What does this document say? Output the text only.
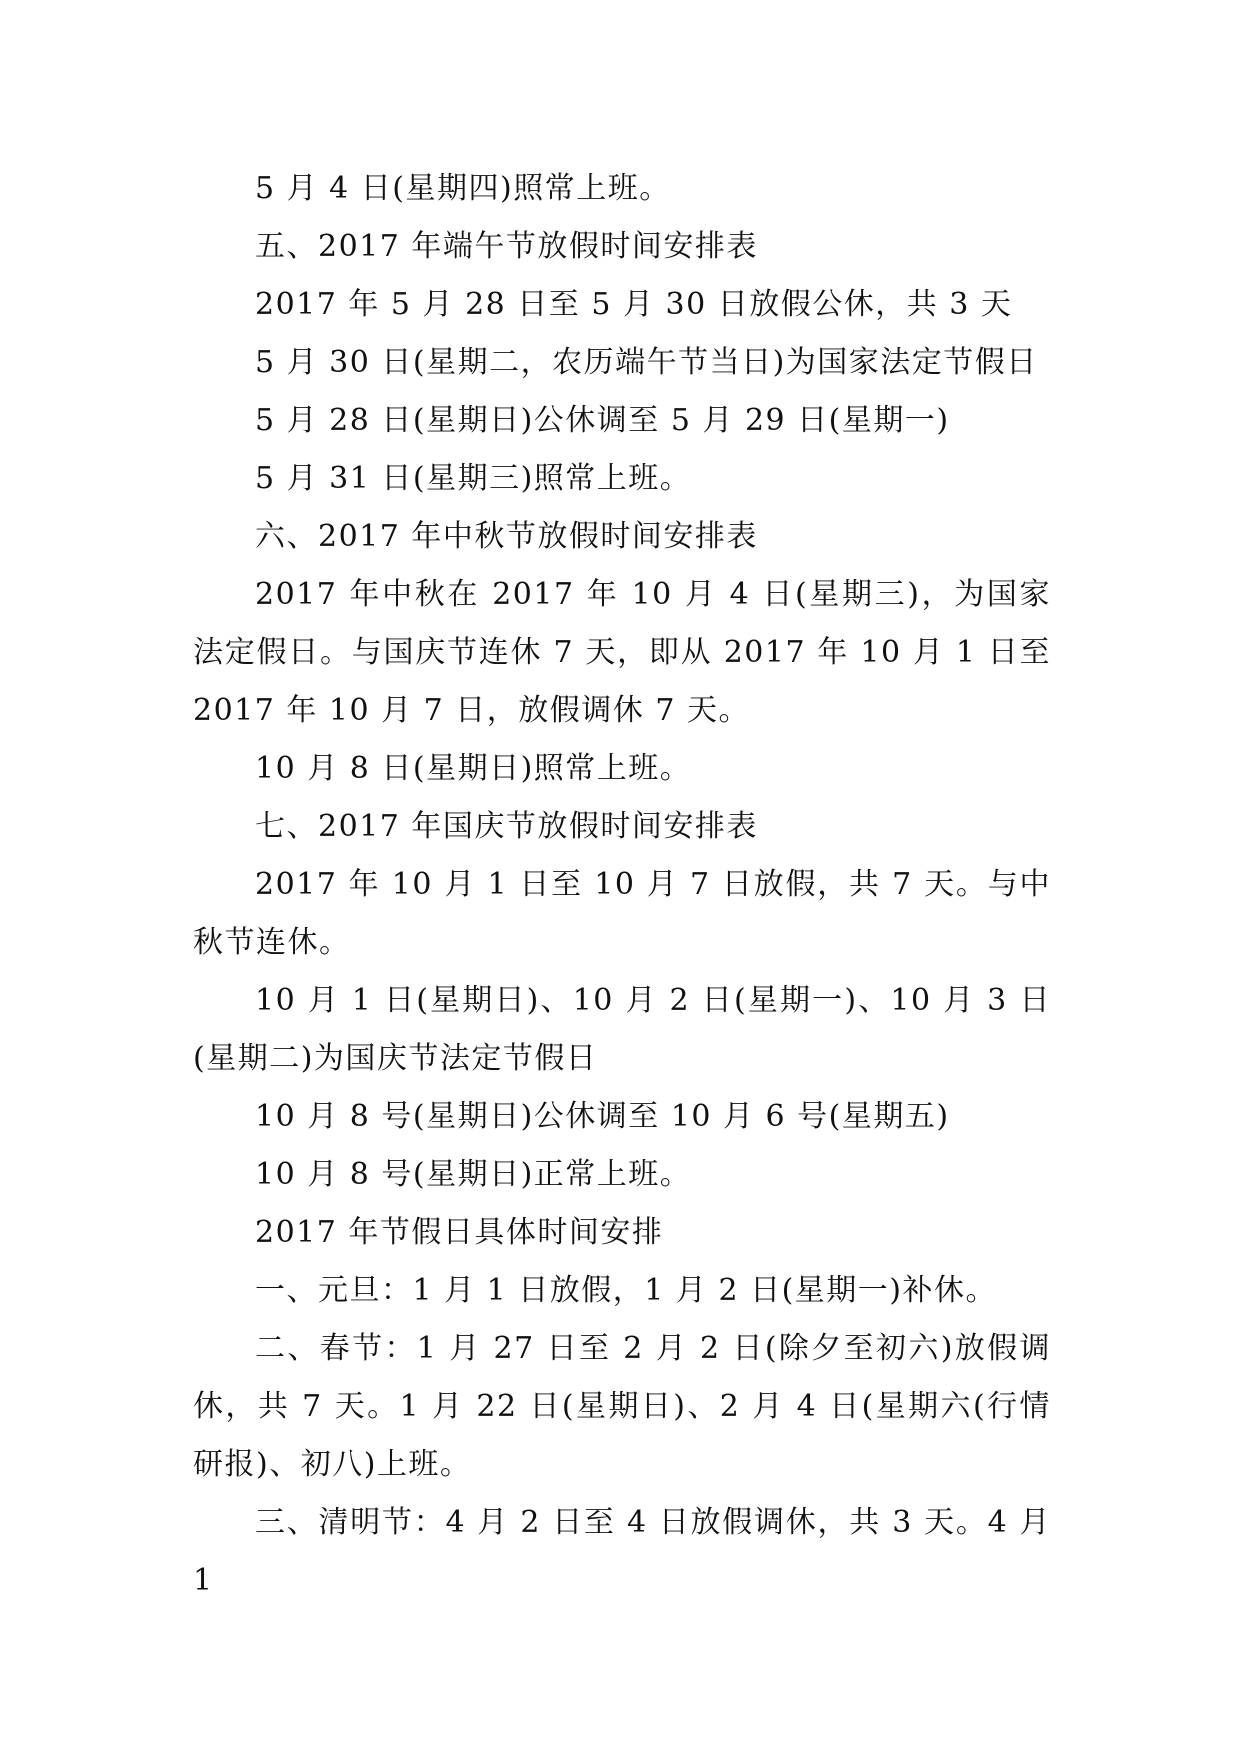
5 月 4 日(星期四)照常上班。

五、2017 年端午节放假时间安排表

2017 年 5 月 28 日至 5 月 30 日放假公休，共 3 天

5 月 30 日(星期二，农历端午节当日)为国家法定节假日

5 月 28 日(星期日)公休调至 5 月 29 日(星期一)

5 月 31 日(星期三)照常上班。

六、2017 年中秋节放假时间安排表

2017 年中秋在 2017 年 10 月 4 日(星期三)，为国家法定假日。与国庆节连休 7 天，即从 2017 年 10 月 1 日至 2017 年 10 月 7 日，放假调休 7 天。

10 月 8 日(星期日)照常上班。

七、2017 年国庆节放假时间安排表

2017 年 10 月 1 日至 10 月 7 日放假，共 7 天。与中秋节连休。

10 月 1 日(星期日)、10 月 2 日(星期一)、10 月 3 日(星期二)为国庆节法定节假日

10 月 8 号(星期日)公休调至 10 月 6 号(星期五)

10 月 8 号(星期日)正常上班。

2017 年节假日具体时间安排

一、元旦：1 月 1 日放假，1 月 2 日(星期一)补休。

二、春节：1 月 27 日至 2 月 2 日(除夕至初六)放假调休，共 7 天。1 月 22 日(星期日)、2 月 4 日(星期六(行情 研报)、初八)上班。

三、清明节：4 月 2 日至 4 日放假调休，共 3 天。4 月 1
